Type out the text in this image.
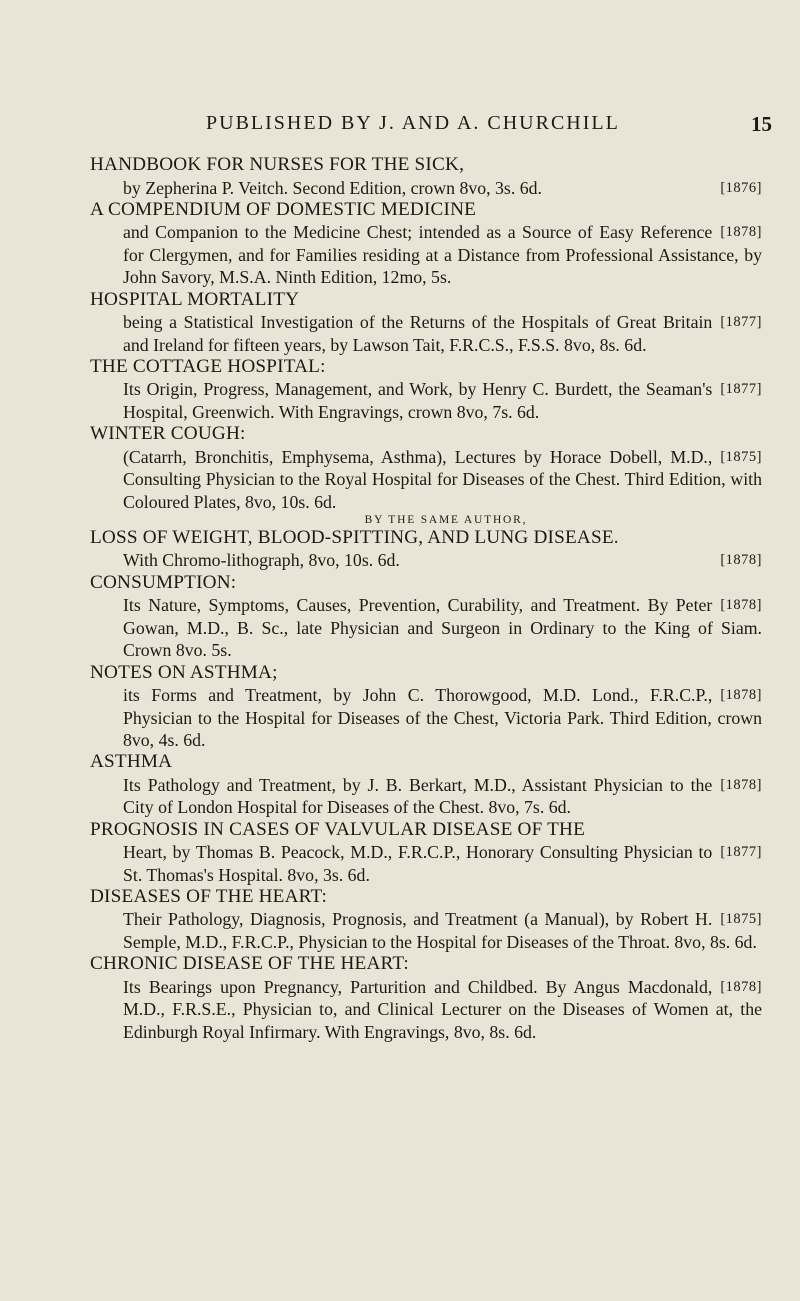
PUBLISHED BY J. AND A. CHURCHILL	15

HANDBOOK FOR NURSES FOR THE SICK,

[1876]
by Zepherina P. Veitch. Second Edition, crown 8vo, 3s. 6d.

A COMPENDIUM OF DOMESTIC MEDICINE

[1878]
and Companion to the Medicine Chest; intended as a Source of Easy Reference for Clergymen, and for Families residing at a Distance from Professional Assistance, by John Savory, M.S.A. Ninth Edition, 12mo, 5s.

HOSPITAL MORTALITY

[1877]
being a Statistical Investigation of the Returns of the Hospitals of Great Britain and Ireland for fifteen years, by Lawson Tait, F.R.C.S., F.S.S. 8vo, 8s. 6d.

THE COTTAGE HOSPITAL:

[1877]
Its Origin, Progress, Management, and Work, by Henry C. Burdett, the Seaman's Hospital, Greenwich. With Engravings, crown 8vo, 7s. 6d.

WINTER COUGH:

[1875]
(Catarrh, Bronchitis, Emphysema, Asthma), Lectures by Horace Dobell, M.D., Consulting Physician to the Royal Hospital for Diseases of the Chest. Third Edition, with Coloured Plates, 8vo, 10s. 6d.

BY THE SAME AUTHOR,

LOSS OF WEIGHT, BLOOD-SPITTING, AND LUNG DISEASE.

[1878]
With Chromo-lithograph, 8vo, 10s. 6d.

CONSUMPTION:

[1878]
Its Nature, Symptoms, Causes, Prevention, Curability, and Treatment. By Peter Gowan, M.D., B. Sc., late Physician and Surgeon in Ordinary to the King of Siam. Crown 8vo. 5s.

NOTES ON ASTHMA;

[1878]
its Forms and Treatment, by John C. Thorowgood, M.D. Lond., F.R.C.P., Physician to the Hospital for Diseases of the Chest, Victoria Park. Third Edition, crown 8vo, 4s. 6d.

ASTHMA

[1878]
Its Pathology and Treatment, by J. B. Berkart, M.D., Assistant Physician to the City of London Hospital for Diseases of the Chest. 8vo, 7s. 6d.

PROGNOSIS IN CASES OF VALVULAR DISEASE OF THE

[1877]
Heart, by Thomas B. Peacock, M.D., F.R.C.P., Honorary Consulting Physician to St. Thomas's Hospital. 8vo, 3s. 6d.

DISEASES OF THE HEART:

[1875]
Their Pathology, Diagnosis, Prognosis, and Treatment (a Manual), by Robert H. Semple, M.D., F.R.C.P., Physician to the Hospital for Diseases of the Throat. 8vo, 8s. 6d.

CHRONIC DISEASE OF THE HEART:

[1878]
Its Bearings upon Pregnancy, Parturition and Childbed. By Angus Macdonald, M.D., F.R.S.E., Physician to, and Clinical Lecturer on the Diseases of Women at, the Edinburgh Royal Infirmary. With Engravings, 8vo, 8s. 6d.
